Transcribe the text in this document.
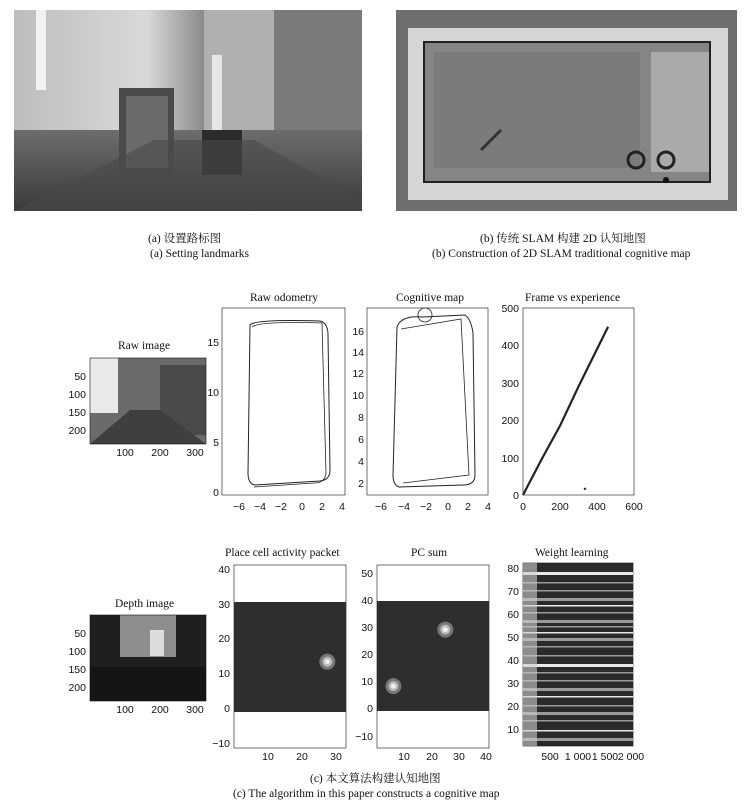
(a) 设置路标图
(a) Setting landmarks
(b) 传统 SLAM 构建 2D 认知地图
(b) Construction of 2D SLAM traditional cognitive map
Raw image
50
100
150
200
100 200 300
Raw odometry
15
10
5
0
−6 −4 −2 0 2 4
Cognitive map
16
14
12
10
8
6
4
2
−6 −4 −2 0 2 4
Frame vs experience
500
400
300
200
100
0
0 200 400 600
Depth image
50
100
150
200
100 200 300
Place cell activity packet
40
30
20
10
0
−10
10 20 30
PC sum
50
40
30
20
10
0
−10
10 20 30 40
Weight learning
80
70
60
50
40
30
20
10
500 1 000 1 500 2 000
(c) 本文算法构建认知地图
(c) The algorithm in this paper constructs a cognitive map
